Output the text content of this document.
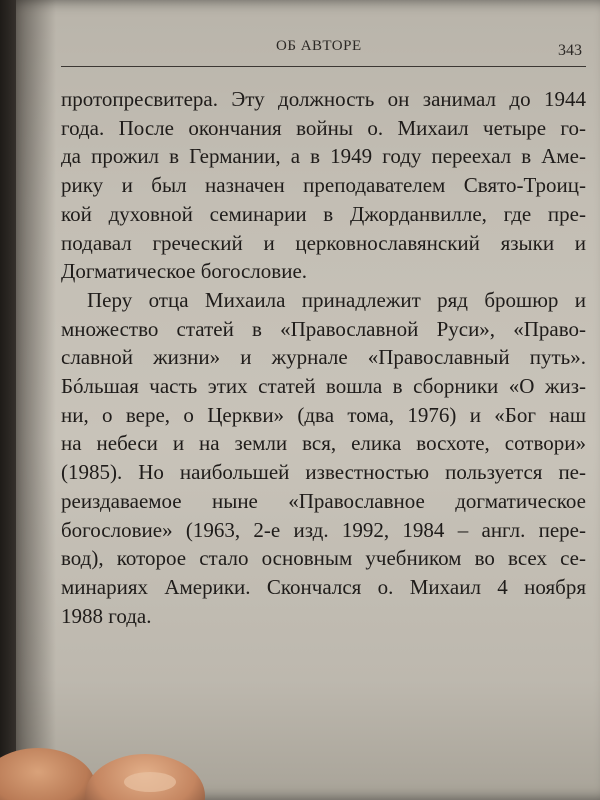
ОБ АВТОРЕ	343
протопресвитера. Эту должность он занимал до 1944
года. После окончания войны о. Михаил четыре го-
да прожил в Германии, а в 1949 году переехал в Аме-
рику и был назначен преподавателем Свято-Троиц-
кой духовной семинарии в Джорданвилле, где пре-
подавал греческий и церковнославянский языки и
Догматическое богословие.
Перу отца Михаила принадлежит ряд брошюр и
множество статей в «Православной Руси», «Право-
славной жизни» и журнале «Православный путь».
Бóльшая часть этих статей вошла в сборники «О жиз-
ни, о вере, о Церкви» (два тома, 1976) и «Бог наш
на небеси и на земли вся, елика восхоте, сотвори»
(1985). Но наибольшей известностью пользуется пе-
реиздаваемое ныне «Православное догматическое
богословие» (1963, 2-е изд. 1992, 1984 – англ. пере-
вод), которое стало основным учебником во всех се-
минариях Америки. Скончался о. Михаил 4 ноября
1988 года.
